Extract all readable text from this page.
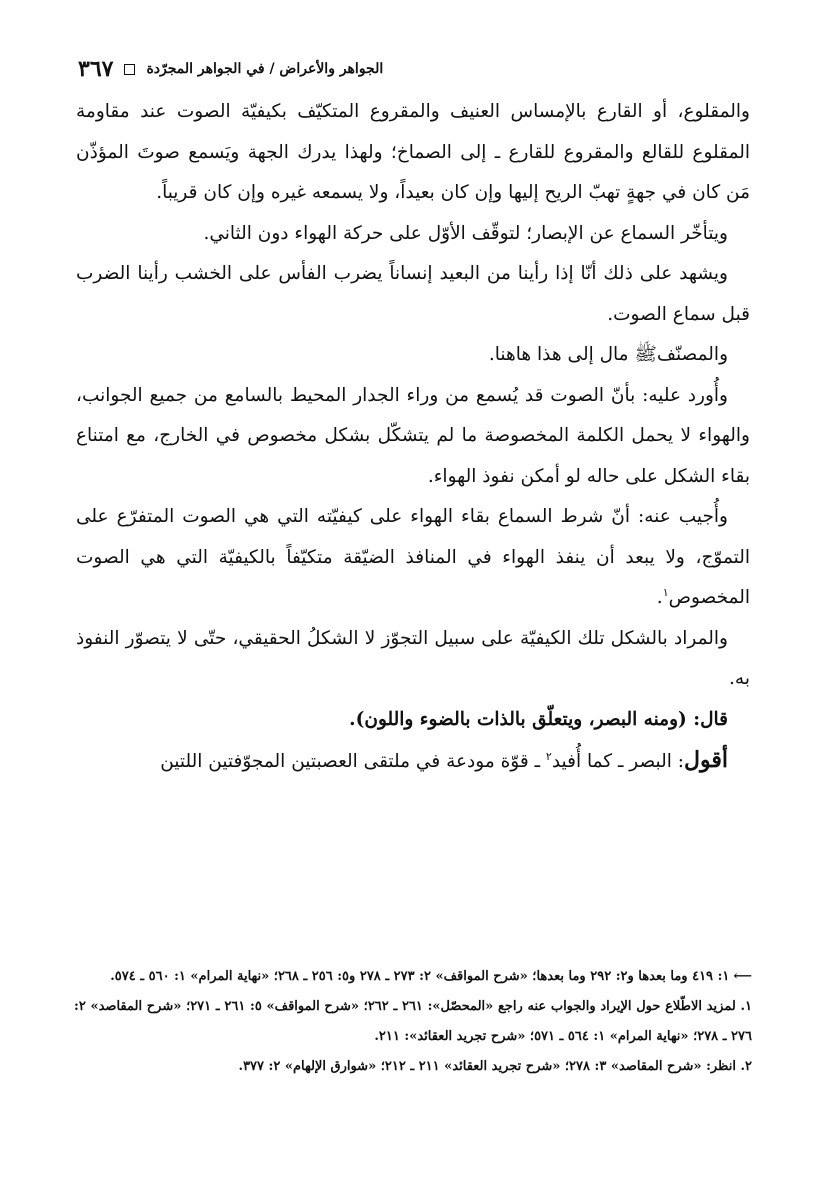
الجواهر والأعراض / في الجواهر المجرّدة
٣٦٧

والمقلوع، أو القارع بالإمساس العنيف والمقروع المتكيّف بكيفيّة الصوت عند مقاومة المقلوع للقالع والمقروع للقارع ـ إلى الصماخ؛ ولهذا يدرك الجهة ويَسمع صوتَ المؤذّن مَن كان في جهةٍ تهبّ الريح إليها وإن كان بعيداً، ولا يسمعه غيره وإن كان قريباً.

ويتأخّر السماع عن الإبصار؛ لتوقّف الأوّل على حركة الهواء دون الثاني.

ويشهد على ذلك أنّا إذا رأينا من البعيد إنساناً يضرب الفأس على الخشب رأينا الضرب قبل سماع الصوت.

والمصنّفﷺ مال إلى هذا هاهنا.

وأُورد عليه: بأنّ الصوت قد يُسمع من وراء الجدار المحيط بالسامع من جميع الجوانب، والهواء لا يحمل الكلمة المخصوصة ما لم يتشكّل بشكل مخصوص في الخارج، مع امتناع بقاء الشكل على حاله لو أمكن نفوذ الهواء.

وأُجيب عنه: أنّ شرط السماع بقاء الهواء على كيفيّته التي هي الصوت المتفرّع على التموّج، ولا يبعد أن ينفذ الهواء في المنافذ الضيّقة متكيّفاً بالكيفيّة التي هي الصوت المخصوص$^١$.

والمراد بالشكل تلك الكيفيّة على سبيل التجوّز لا الشكلُ الحقيقي، حتّى لا يتصوّر النفوذ به.

قال: (ومنه البصر، ويتعلّق بالذات بالضوء واللون).

أقول: البصر ـ كما أُفيد$^٢$ ـ قوّة مودعة في ملتقى العصبتين المجوّفتين اللتين

⟵١: ٤١٩ وما بعدها و٢: ٢٩٢ وما بعدها؛ «شرح المواقف» ٢: ٢٧٣ ـ ٢٧٨ و٥: ٢٥٦ ـ ٢٦٨؛ «نهاية المرام» ١: ٥٦٠ ـ ٥٧٤.

١. لمزيد الاطّلاع حول الإيراد والجواب عنه راجع «المحصّل»: ٢٦١ ـ ٢٦٢؛ «شرح المواقف» ٥: ٢٦١ ـ ٢٧١؛ «شرح المقاصد» ٢: ٢٧٦ ـ ٢٧٨؛ «نهاية المرام» ١: ٥٦٤ ـ ٥٧١؛ «شرح تجريد العقائد»: ٢١١.

٢. انظر: «شرح المقاصد» ٣: ٢٧٨؛ «شرح تجريد العقائد» ٢١١ ـ ٢١٢؛ «شوارق الإلهام» ٢: ٣٧٧.
